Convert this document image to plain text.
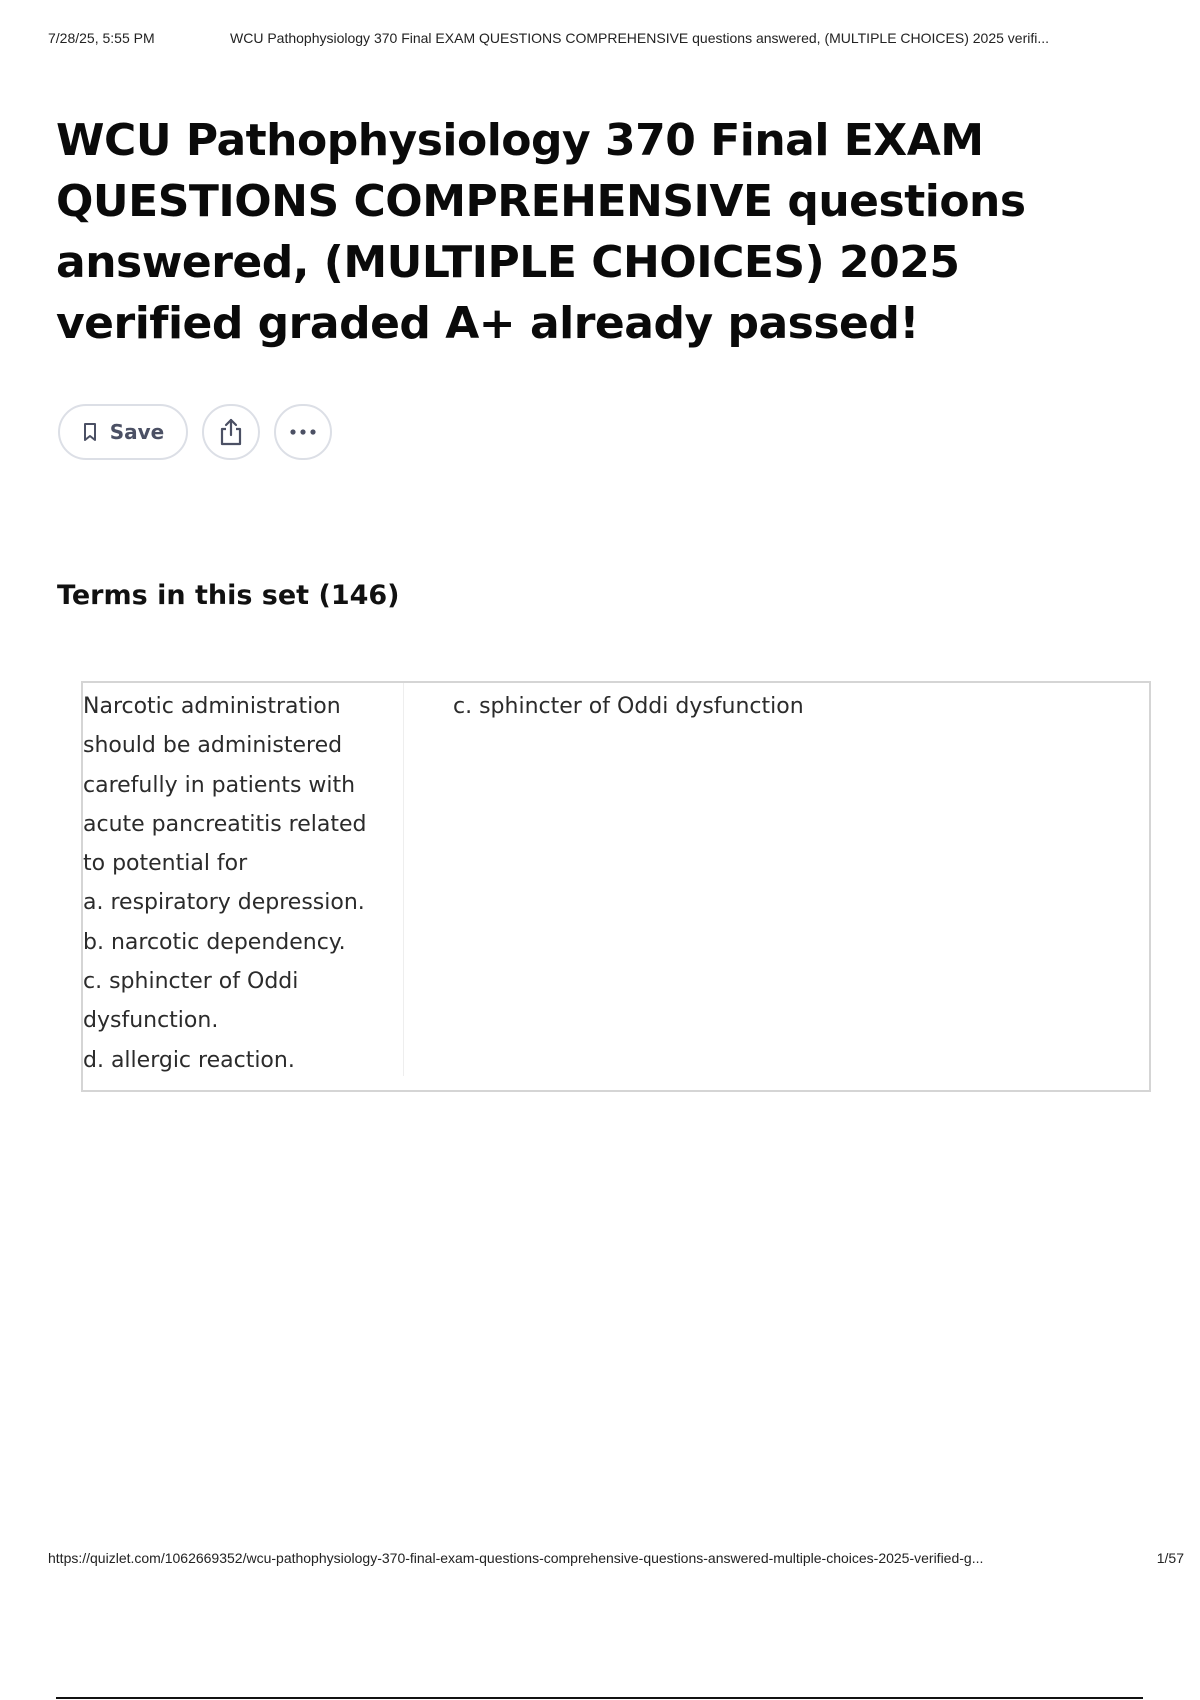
7/28/25, 5:55 PM	WCU Pathophysiology 370 Final EXAM QUESTIONS COMPREHENSIVE questions answered, (MULTIPLE CHOICES) 2025 verifi...
WCU Pathophysiology 370 Final EXAM QUESTIONS COMPREHENSIVE questions answered, (MULTIPLE CHOICES) 2025 verified graded A+ already passed!
Save
Terms in this set (146)
Narcotic administration
should be administered
carefully in patients with
acute pancreatitis related
to potential for
a. respiratory depression.
b. narcotic dependency.
c. sphincter of Oddi
dysfunction.
d. allergic reaction.
c. sphincter of Oddi dysfunction
https://quizlet.com/1062669352/wcu-pathophysiology-370-final-exam-questions-comprehensive-questions-answered-multiple-choices-2025-verified-g...	1/57
